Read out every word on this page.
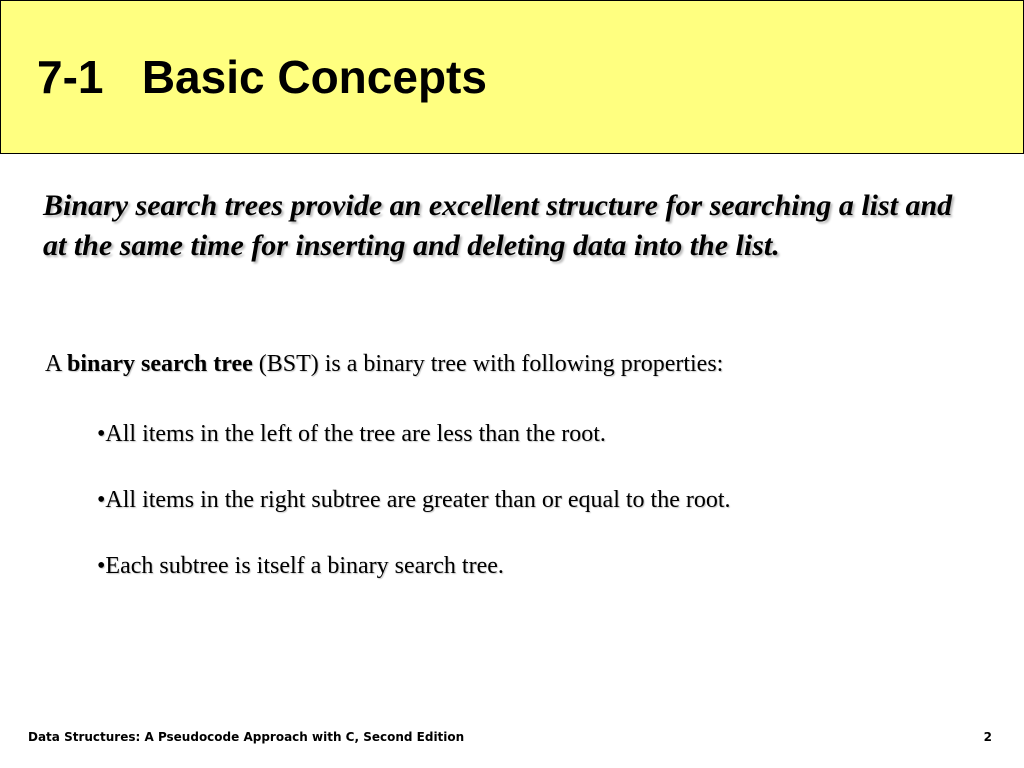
7-1   Basic Concepts

Binary search trees provide an excellent structure for searching a list and at the same time for inserting and deleting data into the list.

A binary search tree (BST) is a binary tree with following properties:

•All items in the left of the tree are less than the root.
•All items in the right subtree are greater than or equal to the root.
•Each subtree is itself a binary search tree.

Data Structures: A Pseudocode Approach with C, Second Edition	2
